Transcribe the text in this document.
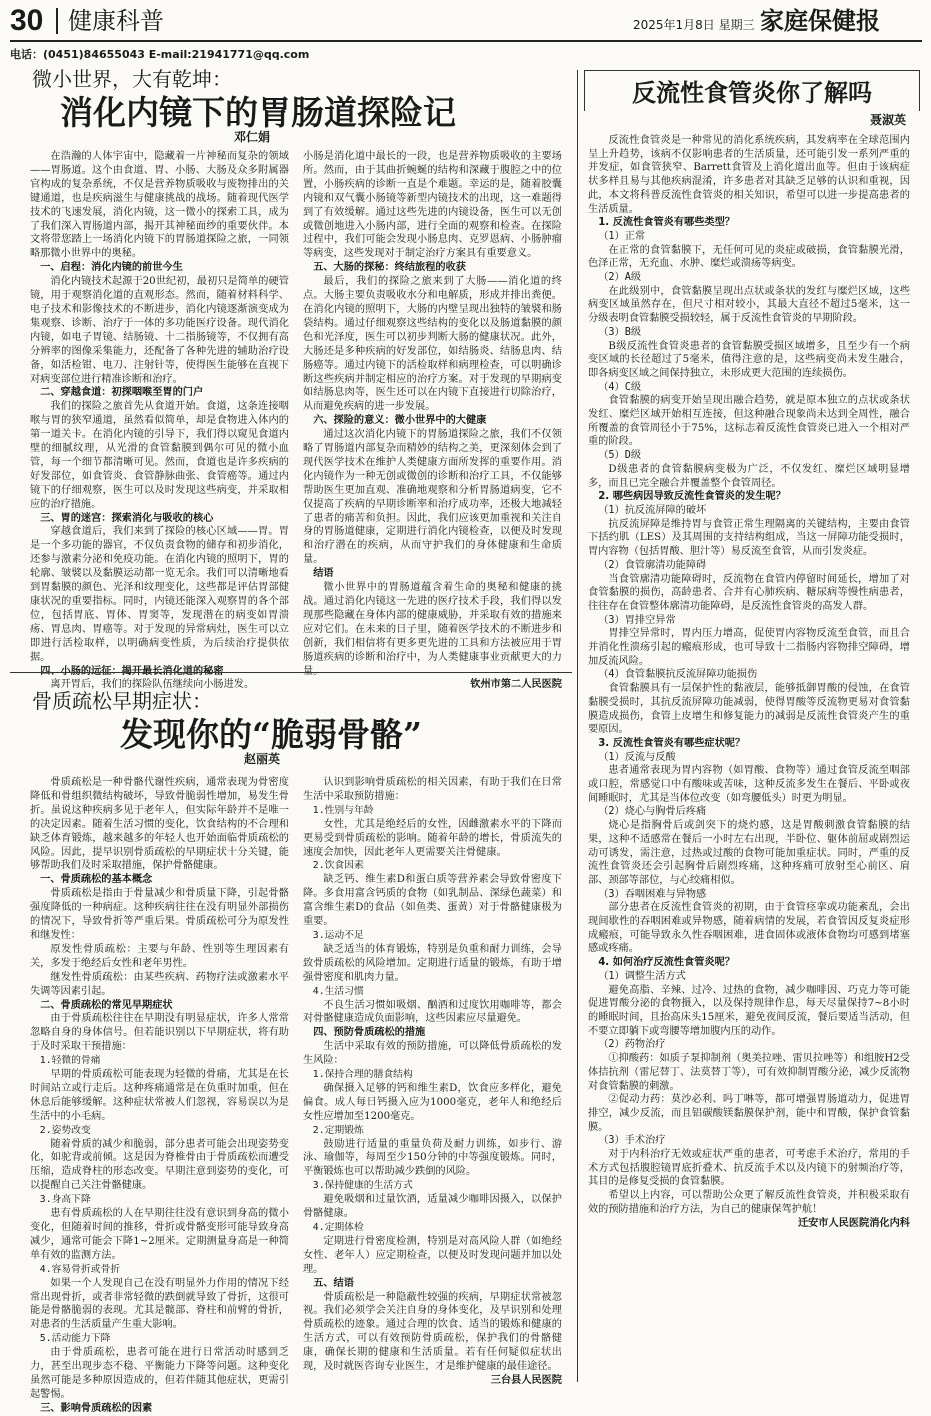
30 健康科普	2025年1月8日 星期三 家庭保健报
电话：(0451)84655043 E-mail:21941771@qq.com
微小世界，大有乾坤：
消化内镜下的胃肠道探险记
邓仁娟

在浩瀚的人体宇宙中，隐藏着一片神秘而复杂的领域——胃肠道。这个由食道、胃、小肠、大肠及众多附属器官构成的复杂系统，不仅是营养物质吸收与废物排出的关键通道，也是疾病滋生与健康挑战的战场。随着现代医学技术的飞速发展，消化内镜，这一微小的探索工具，成为了我们深入胃肠道内部，揭开其神秘面纱的重要伙伴。本文将带您踏上一场消化内镜下的胃肠道探险之旅，一同领略那微小世界中的奥秘。

一、启程：消化内镜的前世今生

消化内镜技术起源于20世纪初，最初只是简单的硬管镜，用于观察消化道的直观形态。然而，随着材料科学、电子技术和影像技术的不断进步，消化内镜逐渐演变成为集观察、诊断、治疗于一体的多功能医疗设备。现代消化内镜，如电子胃镜、结肠镜、十二指肠镜等，不仅拥有高分辨率的图像采集能力，还配备了各种先进的辅助治疗设备，如活检钳、电刀、注射针等，使得医生能够在直视下对病变部位进行精准诊断和治疗。

二、穿越食道：初探咽喉至胃的门户

我们的探险之旅首先从食道开始。食道，这条连接咽喉与胃的狭窄通道，虽然看似简单，却是食物进入体内的第一道关卡。在消化内镜的引导下，我们得以窥见食道内壁的细腻纹理，从光滑的食管黏膜到偶尔可见的微小血管，每一个细节都清晰可见。然而，食道也是许多疾病的好发部位，如食管炎、食管静脉曲张、食管癌等。通过内镜下的仔细观察，医生可以及时发现这些病变，并采取相应的治疗措施。

三、胃的迷宫：探索消化与吸收的核心

穿越食道后，我们来到了探险的核心区域——胃。胃是一个多功能的器官，不仅负责食物的储存和初步消化，还参与激素分泌和免疫功能。在消化内镜的照明下，胃的轮廓、皱襞以及黏膜运动都一览无余。我们可以清晰地看到胃黏膜的颜色、光泽和纹理变化，这些都是评估胃部健康状况的重要指标。同时，内镜还能深入观察胃的各个部位，包括胃底、胃体、胃窦等，发现潜在的病变如胃溃疡、胃息肉、胃癌等。对于发现的异常病灶，医生可以立即进行活检取样，以明确病变性质，为后续治疗提供依据。

离开胃后，我们的探险队伍继续向小肠进发。

小肠是消化道中最长的一段，也是营养物质吸收的主要场所。然而，由于其曲折蜿蜒的结构和深藏于腹腔之中的位置，小肠疾病的诊断一直是个难题。幸运的是，随着胶囊内镜和双气囊小肠镜等新型内镜技术的出现，这一难题得到了有效缓解。通过这些先进的内镜设备，医生可以无创或微创地进入小肠内部，进行全面的观察和检查。在探险过程中，我们可能会发现小肠息肉、克罗恩病、小肠肿瘤等病变，这些发现对于制定治疗方案具有重要意义。

五、大肠的探秘：终结旅程的收获

最后，我们的探险之旅来到了大肠——消化道的终点。大肠主要负责吸收水分和电解质，形成并排出粪便。在消化内镜的照明下，大肠的内壁呈现出独特的皱襞和肠袋结构。通过仔细观察这些结构的变化以及肠道黏膜的颜色和光泽度，医生可以初步判断大肠的健康状况。此外，大肠还是多种疾病的好发部位，如结肠炎、结肠息肉、结肠癌等。通过内镜下的活检取样和病理检查，可以明确诊断这些疾病并制定相应的治疗方案。对于发现的早期病变如结肠息肉等，医生还可以在内镜下直接进行切除治疗，从而避免疾病的进一步发展。

六、探险的意义：微小世界中的大健康

通过这次消化内镜下的胃肠道探险之旅，我们不仅领略了胃肠道内部复杂而精妙的结构之美，更深刻体会到了现代医学技术在维护人类健康方面所发挥的重要作用。消化内镜作为一种无创或微创的诊断和治疗工具，不仅能够帮助医生更加直观、准确地观察和分析胃肠道病变，它不仅提高了疾病的早期诊断率和治疗成功率，还极大地减轻了患者的痛苦和负担。因此，我们应该更加重视和关注自身的胃肠道健康，定期进行消化内镜检查，以便及时发现和治疗潜在的疾病，从而守护我们的身体健康和生命质量。

结语

微小世界中的胃肠道蕴含着生命的奥秘和健康的挑战。通过消化内镜这一先进的医疗技术手段，我们得以发现那些隐藏在身体内部的健康威胁，并采取有效的措施来应对它们。在未来的日子里，随着医学技术的不断进步和创新，我们相信将有更多更先进的工具和方法被应用于胃肠道疾病的诊断和治疗中，为人类健康事业贡献更大的力

钦州市第二人民医院

骨质疏松早期症状：
发现你的“脆弱骨骼”
赵丽英

骨质疏松是一种骨骼代谢性疾病，通常表现为骨密度降低和骨组织微结构破坏，导致骨脆弱性增加，易发生骨折。虽说这种疾病多见于老年人，但实际年龄并不是唯一的决定因素。随着生活习惯的变化，饮食结构的不合理和缺乏体育锻炼，越来越多的年轻人也开始面临骨质疏松的风险。因此，提早识别骨质疏松的早期症状十分关键，能够帮助我们及时采取措施，保护骨骼健康。

一、骨质疏松的基本概念

骨质疏松是指由于骨量减少和骨质量下降，引起骨骼强度降低的一种病症。这种疾病往往在没有明显外部损伤的情况下，导致骨折等严重后果。骨质疏松可分为原发性和继发性：

原发性骨质疏松：主要与年龄、性别等生理因素有关，多发于绝经后女性和老年男性。

继发性骨质疏松：由某些疾病、药物疗法或激素水平失调等因素引起。

二、骨质疏松的常见早期症状

由于骨质疏松往往在早期没有明显症状，许多人常常忽略自身的身体信号。但若能识别以下早期症状，将有助于及时采取干预措施：

1.轻微的骨痛

早期的骨质疏松可能表现为轻微的骨痛，尤其是在长时间站立或行走后。这种疼痛通常是在负重时加重，但在休息后能够缓解。这种症状常被人们忽视，容易误以为是生活中的小毛病。

2.姿势改变

随着骨质的减少和脆弱，部分患者可能会出现姿势变化，如驼背或前倾。这是因为脊椎骨由于骨质疏松而遭受压缩，造成脊柱的形态改变。早期注意到姿势的变化，可以提醒自己关注骨骼健康。

3.身高下降

患有骨质疏松的人在早期往往没有意识到身高的微小变化，但随着时间的推移，骨折或骨骼变形可能导致身高减少，通常可能会下降1~2厘米。定期测量身高是一种简单有效的监测方法。

4.容易骨折或骨折

如果一个人发现自己在没有明显外力作用的情况下经常出现骨折，或者非常轻微的跌倒就导致了骨折，这很可能是骨骼脆弱的表现。尤其是髋部、脊柱和前臂的骨折，对患者的生活质量产生重大影响。

5.活动能力下降

由于骨质疏松，患者可能在进行日常活动时感到乏力，甚至出现步态不稳、平衡能力下降等问题。这种变化虽然可能是多种原因造成的，但若伴随其他症状，更需引起警惕。

三、影响骨质疏松的因素

认识到影响骨质疏松的相关因素，有助于我们在日常生活中采取预防措施：

1.性别与年龄

女性，尤其是绝经后的女性，因雌激素水平的下降而更易受到骨质疏松的影响。随着年龄的增长，骨质流失的速度会加快，因此老年人更需要关注骨健康。

2.饮食因素

缺乏钙、维生素D和蛋白质等营养素会导致骨密度下降。多食用富含钙质的食物（如乳制品、深绿色蔬菜）和富含维生素D的食品（如鱼类、蛋黄）对于骨骼健康极为重要。

3.运动不足

缺乏适当的体育锻炼，特别是负重和耐力训练，会导致骨质疏松的风险增加。定期进行适量的锻炼，有助于增强骨密度和肌肉力量。

4.生活习惯

不良生活习惯如吸烟、酗酒和过度饮用咖啡等，都会对骨骼健康造成负面影响，这些因素应尽量避免。

四、预防骨质疏松的措施

生活中采取有效的预防措施，可以降低骨质疏松的发生风险：

1.保持合理的膳食结构

确保摄入足够的钙和维生素D，饮食应多样化，避免偏食。成人每日钙摄入应为1000毫克，老年人和绝经后女性应增加至1200毫克。

2.定期锻炼

鼓励进行适量的重量负荷及耐力训练，如步行、游泳、瑜伽等，每周至少150分钟的中等强度锻炼。同时，平衡锻炼也可以帮助减少跌倒的风险。

3.保持健康的生活方式

避免吸烟和过量饮酒，适量减少咖啡因摄入，以保护骨骼健康。

4.定期体检

定期进行骨密度检测，特别是对高风险人群（如绝经女性、老年人）应定期检查，以便及时发现问题并加以处理。

五、结语

骨质疏松是一种隐蔽性较强的疾病，早期症状常被忽视。我们必须学会关注自身的身体变化，及早识别和处理骨质疏松的迹象。通过合理的饮食、适当的锻炼和健康的生活方式，可以有效预防骨质疏松，保护我们的骨骼健康，确保长期的健康和生活质量。若有任何疑似症状出现，及时就医咨询专业医生，才是维护健康的最佳途径。

三台县人民医院

反流性食管炎你了解吗
聂淑英

反流性食管炎是一种常见的消化系统疾病，其发病率在全球范围内呈上升趋势，该病不仅影响患者的生活质量，还可能引发一系列严重的并发症，如食管狭窄、Barrett食管及上消化道出血等。但由于该病症状多样且易与其他疾病混淆，许多患者对其缺乏足够的认识和重视，因此，本文将科普反流性食管炎的相关知识，希望可以进一步提高患者的生活质量。

1. 反流性食管炎有哪些类型？

（1）正常

在正常的食管黏膜下，无任何可见的炎症或破损，食管黏膜光滑，色泽正常，无充血、水肿、糜烂或溃疡等病变。

（2）A级

在此级别中，食管黏膜呈现出点状或条状的发红与糜烂区域，这些病变区域虽然存在，但尺寸相对较小，其最大直径不超过5毫米，这一分级表明食管黏膜受损较轻，属于反流性食管炎的早期阶段。

（3）B级

B级反流性食管炎患者的食管黏膜受损区域增多，且至少有一个病变区域的长径超过了5毫米，值得注意的是，这些病变尚未发生融合，即各病变区域之间保持独立，未形成更大范围的连续损伤。

（4）C级

食管黏膜的病变开始呈现出融合趋势，就是原本独立的点状或条状发红、糜烂区域开始相互连接，但这种融合现象尚未达到全周性，融合所覆盖的食管周径小于75%，这标志着反流性食管炎已进入一个相对严重的阶段。

（5）D级

D级患者的食管黏膜病变极为广泛，不仅发红、糜烂区域明显增多，而且已完全融合并覆盖整个食管周径。

2. 哪些病因导致反流性食管炎的发生呢？

（1）抗反流屏障的破坏

抗反流屏障是维持胃与食管正常生理隔离的关键结构，主要由食管下括约肌（LES）及其周围的支持结构组成，当这一屏障功能受损时，胃内容物（包括胃酸、胆汁等）易反流至食管，从而引发炎症。

（2）食管廓清功能障碍

当食管廓清功能障碍时，反流物在食管内停留时间延长，增加了对食管黏膜的损伤，高龄患者、合并有心肺疾病、糖尿病等慢性病患者，往往存在食管整体廓清功能障碍，是反流性食管炎的高发人群。

（3）胃排空异常

胃排空异常时，胃内压力增高，促使胃内容物反流至食管，而且合并消化性溃疡引起的瘢痕形成，也可导致十二指肠内容物排空障碍，增加反流风险。

（4）食管黏膜抗反流屏障功能损伤

食管黏膜具有一层保护性的黏液层，能够抵御胃酸的侵蚀，在食管黏膜受损时，其抗反流屏障功能减弱，使得胃酸等反流物更易对食管黏膜造成损伤，食管上皮增生和修复能力的减弱是反流性食管炎产生的重要原因。

3. 反流性食管炎有哪些症状呢？

（1）反流与反酸

患者通常表现为胃内容物（如胃酸、食物等）通过食管反流至咽部或口腔，常感觉口中有酸味或苦味，这种反流多发生在餐后、平卧或夜间睡眠时，尤其是当体位改变（如弯腰低头）时更为明显。

（2）烧心与胸骨后疼痛

烧心是指胸骨后或剑突下的烧灼感，这是胃酸刺激食管黏膜的结果，这种不适感常在餐后一小时左右出现，半卧位、躯体前屈或剧烈运动可诱发，需注意，过热或过酸的食物可能加重症状。同时，严重的反流性食管炎还会引起胸骨后剧烈疼痛，这种疼痛可放射至心前区、肩部、颈部等部位，与心绞痛相似。

（3）吞咽困难与异物感

部分患者在反流性食管炎的初期，由于食管痉挛或功能紊乱，会出现间歇性的吞咽困难或异物感，随着病情的发展，若食管因反复炎症形成瘢痕，可能导致永久性吞咽困难，进食固体或液体食物均可感到堵塞感或疼痛。

4. 如何治疗反流性食管炎呢？

（1）调整生活方式

避免高脂、辛辣、过冷、过热的食物，减少咖啡因、巧克力等可能促进胃酸分泌的食物摄入，以及保持规律作息，每天尽量保持7~8小时的睡眠时间，且抬高床头15厘米，避免夜间反流，餐后要适当活动，但不要立即躺下或弯腰等增加腹内压的动作。

（2）药物治疗

①抑酸药：如质子泵抑制剂（奥美拉唑、雷贝拉唑等）和组胺H2受体拮抗剂（雷尼替丁、法莫替丁等），可有效抑制胃酸分泌，减少反流物对食管黏膜的刺激。

②促动力药：莫沙必利、吗丁啉等，都可增强胃肠道动力，促进胃排空，减少反流，而且铝碳酸镁黏膜保护剂，能中和胃酸，保护食管黏膜。

（3）手术治疗

对于内科治疗无效或症状严重的患者，可考虑手术治疗，常用的手术方式包括腹腔镜胃底折叠术、抗反流手术以及内镜下的射频治疗等，其目的是修复受损的食管黏膜。

希望以上内容，可以帮助公众更了解反流性食管炎，并积极采取有效的预防措施和治疗方法，为自己的健康保驾护航！

迁安市人民医院消化内科
